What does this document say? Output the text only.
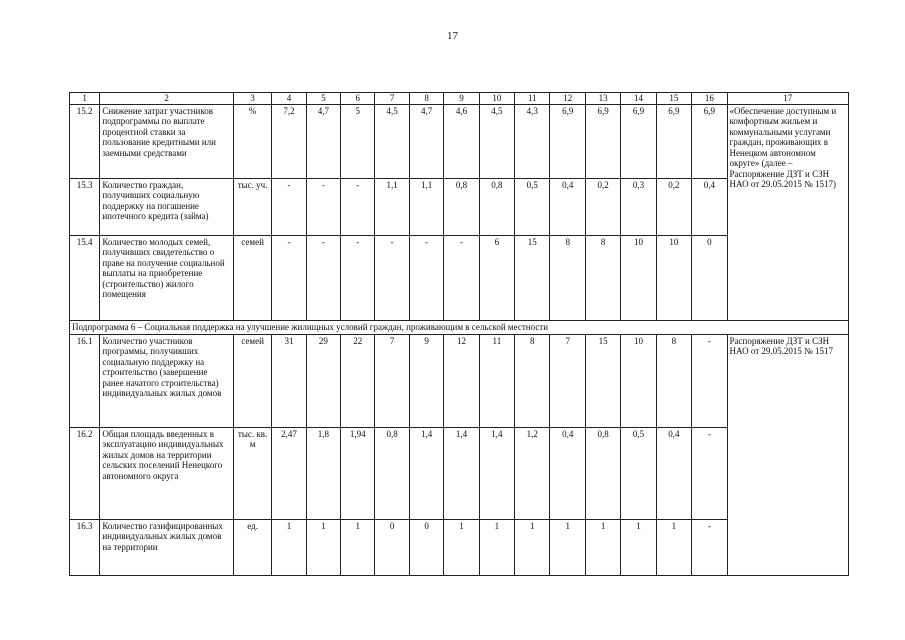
17
1	2	3	4	5	6	7	8	9	10	11	12	13	14	15	16	17
15.2	Снижение затрат участников подпрограммы по выплате процентной ставки за пользование кредитными или заемными средствами	%	7,2	4,7	5	4,5	4,7	4,6	4,5	4,3	6,9	6,9	6,9	6,9	6,9	«Обеспечение доступным и комфортным жильем и коммунальными услугами граждан, проживающих в Ненецком автономном округе» (далее – Распоряжение ДЗТ и СЗН НАО от 29.05.2015 № 1517)
15.3	Количество граждан, получивших социальную поддержку на погашение ипотечного кредита (займа)	тыс. уч.	-	-	-	1,1	1,1	0,8	0,8	0,5	0,4	0,2	0,3	0,2	0,4	
15.4	Количество молодых семей, получивших свидетельство о праве на получение социальной выплаты на приобретение (строительство) жилого помещения	семей	-	-	-	-	-	-	6	15	8	8	10	10	0	
Подпрограмма 6 – Социальная поддержка на улучшение жилищных условий граждан, проживающим в сельской местности																
16.1	Количество участников программы, получивших социальную поддержку на строительство (завершение ранее начатого строительства) индивидуальных жилых домов	семей	31	29	22	7	9	12	11	8	7	15	10	8	-	Распоряжение ДЗТ и СЗН НАО от 29.05.2015 № 1517
16.2	Общая площадь введенных в эксплуатацию индивидуальных жилых домов на территории сельских поселений Ненецкого автономного округа	тыс. кв. м	2,47	1,8	1,94	0,8	1,4	1,4	1,4	1,2	0,4	0,8	0,5	0,4	-	
16.3	Количество газифицированных индивидуальных жилых домов на территории	ед.	1	1	1	0	0	1	1	1	1	1	1	1	-	
